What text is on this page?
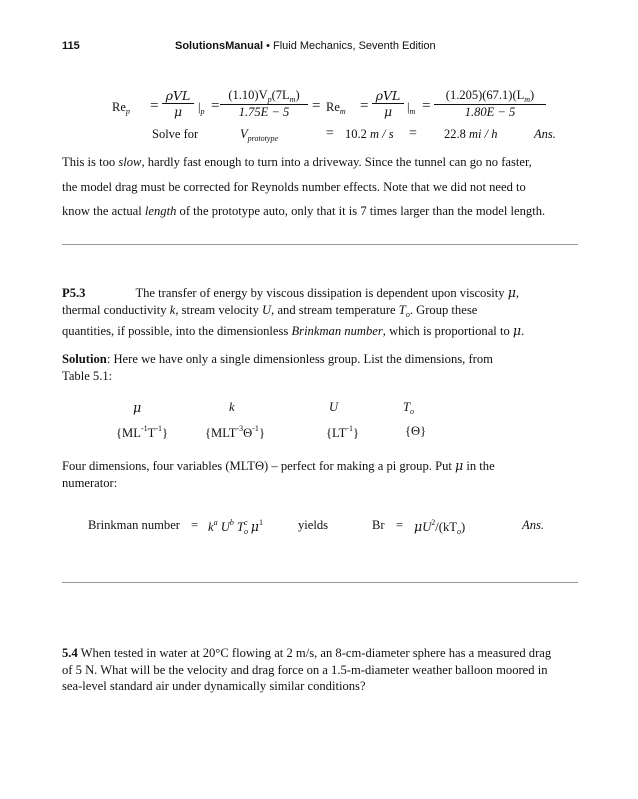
115	SolutionsManual • Fluid Mechanics, Seventh Edition
$Re_p$ =
ρVL
μ	$|_p = \frac{(1.10)V_p(7L_m)}{1.75E - 5} = Re_m$ =
ρVL
μ	$|_m = \frac{(1.205)(67.1)(L_m)}{1.80E - 5}$
Solve for	$V_{prototype}$	= 10.2 m / s = 22.8 mi / h	Ans.
This is too slow, hardly fast enough to turn into a driveway. Since the tunnel can go no faster,
the model drag must be corrected for Reynolds number effects. Note that we did not need to
know the actual length of the prototype auto, only that it is 7 times larger than the model length.
P5.3	The transfer of energy by viscous dissipation is dependent upon viscosity μ,
thermal conductivity k, stream velocity U, and stream temperature $T_o$. Group these
quantities, if possible, into the dimensionless Brinkman number, which is proportional to μ.
Solution: Here we have only a single dimensionless group. List the dimensions, from
Table 5.1:
μ	k	U	$T_o$
$\{ML^{-1}T^{-1}\}$	$\{MLT^{-3}\Theta^{-1}\}$	$\{LT^{-1}\}$	{Θ}
Four dimensions, four variables (MLTΘ) – perfect for making a pi group. Put μ in the
numerator:
Brinkman number = $k^a$ $U^b$ $T_o^c$ $\mu^1$	yields	$Br = \mu U^2/(kT_o)$	Ans.
5.4 When tested in water at 20°C flowing at 2 m/s, an 8-cm-diameter sphere has a measured drag
of 5 N. What will be the velocity and drag force on a 1.5-m-diameter weather balloon moored in
sea-level standard air under dynamically similar conditions?
